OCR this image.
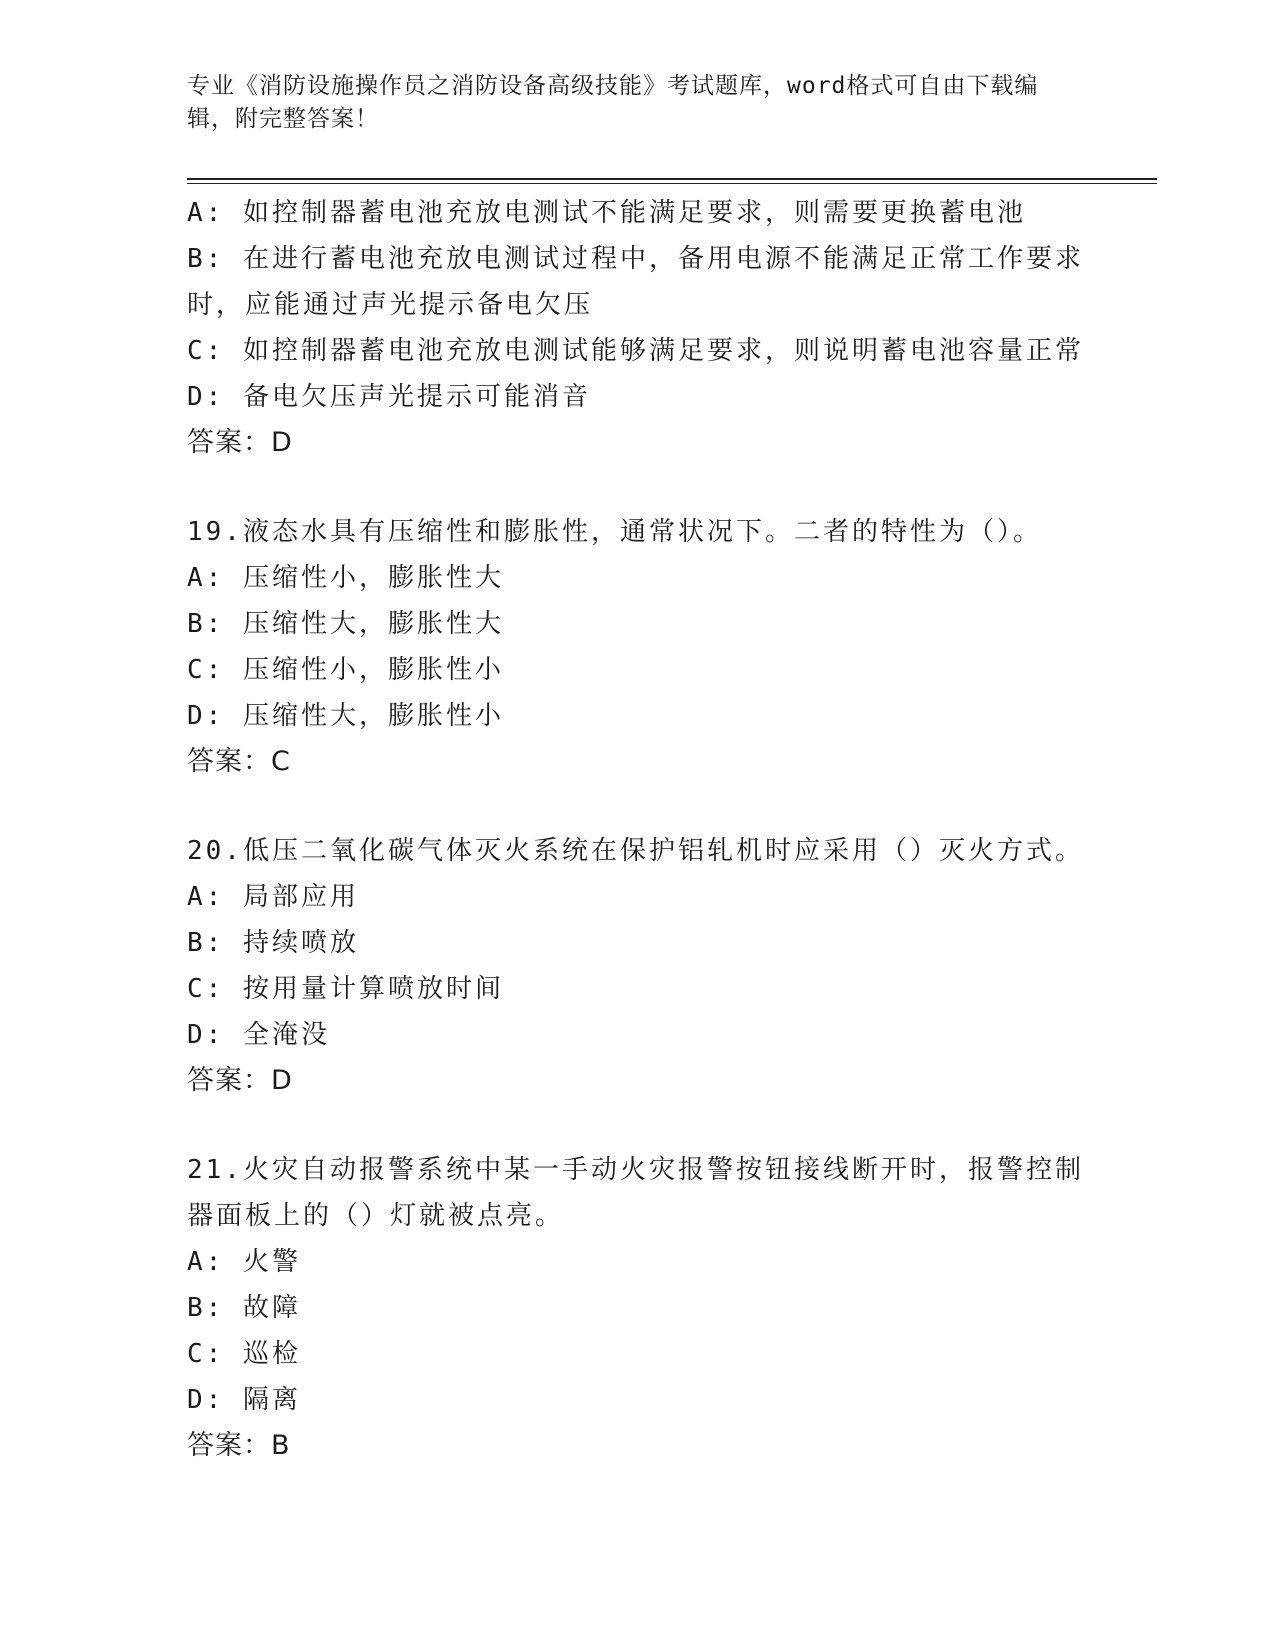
专业《消防设施操作员之消防设备高级技能》考试题库，word格式可自由下载编
辑，附完整答案！
A: 如控制器蓄电池充放电测试不能满足要求，则需要更换蓄电池
B: 在进行蓄电池充放电测试过程中，备用电源不能满足正常工作要求
时，应能通过声光提示备电欠压
C: 如控制器蓄电池充放电测试能够满足要求，则说明蓄电池容量正常
D: 备电欠压声光提示可能消音
答案：D
19.液态水具有压缩性和膨胀性，通常状况下。二者的特性为（）。
A: 压缩性小，膨胀性大
B: 压缩性大，膨胀性大
C: 压缩性小，膨胀性小
D: 压缩性大，膨胀性小
答案：C
20.低压二氧化碳气体灭火系统在保护铝轧机时应采用（）灭火方式。
A: 局部应用
B: 持续喷放
C: 按用量计算喷放时间
D: 全淹没
答案：D
21.火灾自动报警系统中某一手动火灾报警按钮接线断开时，报警控制
器面板上的（）灯就被点亮。
A: 火警
B: 故障
C: 巡检
D: 隔离
答案：B
